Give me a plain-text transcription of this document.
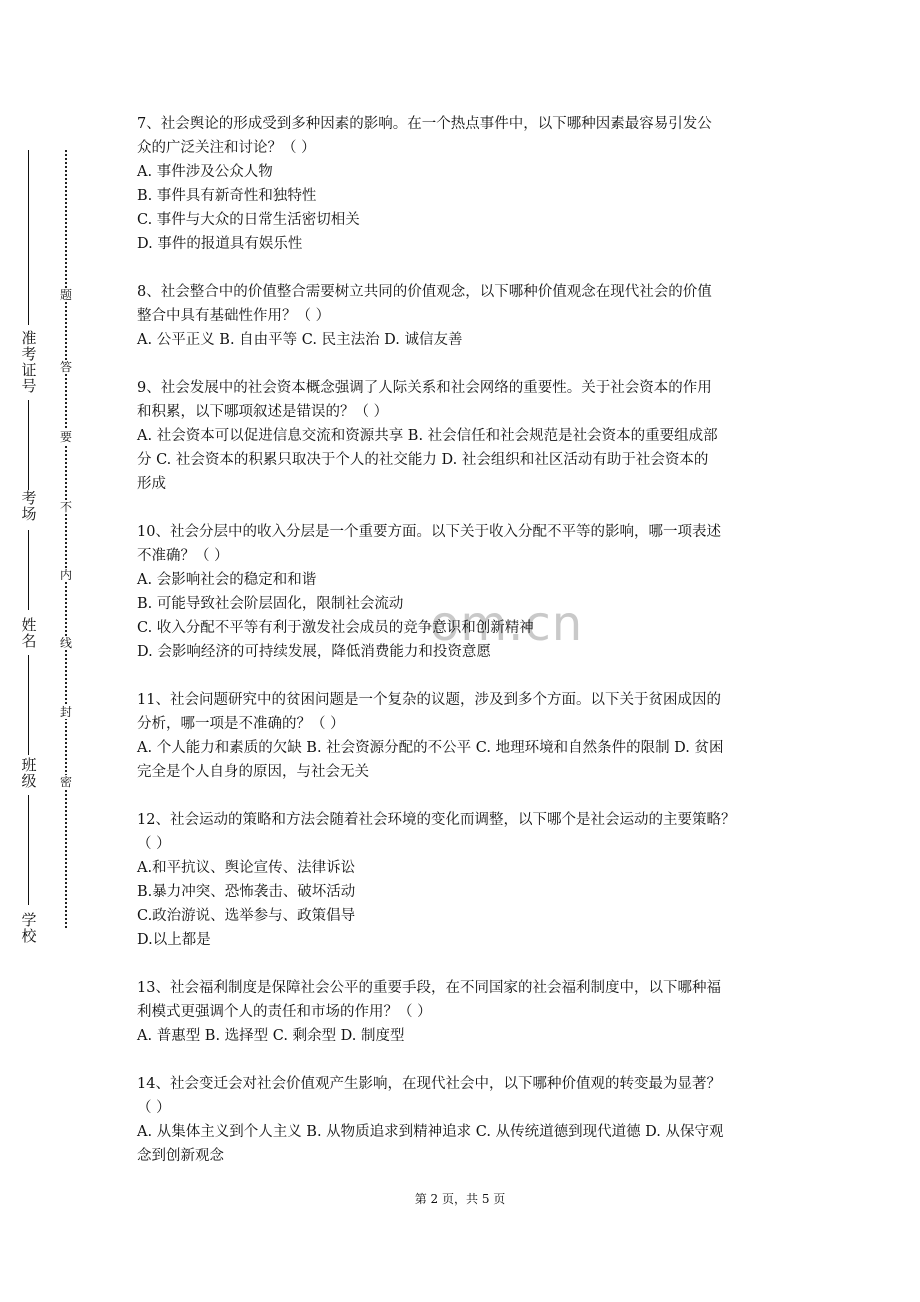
准考证号
考场
姓名
班级
学校
题
答
要
不
内
线
封
密
om.cn

7、社会舆论的形成受到多种因素的影响。在一个热点事件中，以下哪种因素最容易引发公

众的广泛关注和讨论？（ ）

A. 事件涉及公众人物

B. 事件具有新奇性和独特性

C. 事件与大众的日常生活密切相关

D. 事件的报道具有娱乐性

8、社会整合中的价值整合需要树立共同的价值观念，以下哪种价值观念在现代社会的价值

整合中具有基础性作用？（ ）

A. 公平正义 B. 自由平等 C. 民主法治 D. 诚信友善

9、社会发展中的社会资本概念强调了人际关系和社会网络的重要性。关于社会资本的作用

和积累，以下哪项叙述是错误的？（ ）

A. 社会资本可以促进信息交流和资源共享 B. 社会信任和社会规范是社会资本的重要组成部

分 C. 社会资本的积累只取决于个人的社交能力 D. 社会组织和社区活动有助于社会资本的

形成

10、社会分层中的收入分层是一个重要方面。以下关于收入分配不平等的影响，哪一项表述

不准确？（ ）

A. 会影响社会的稳定和和谐

B. 可能导致社会阶层固化，限制社会流动

C. 收入分配不平等有利于激发社会成员的竞争意识和创新精神

D. 会影响经济的可持续发展，降低消费能力和投资意愿

11、社会问题研究中的贫困问题是一个复杂的议题，涉及到多个方面。以下关于贫困成因的

分析，哪一项是不准确的？（ ）

A. 个人能力和素质的欠缺 B. 社会资源分配的不公平 C. 地理环境和自然条件的限制 D. 贫困

完全是个人自身的原因，与社会无关

12、社会运动的策略和方法会随着社会环境的变化而调整，以下哪个是社会运动的主要策略？

（ ）

A.和平抗议、舆论宣传、法律诉讼

B.暴力冲突、恐怖袭击、破坏活动

C.政治游说、选举参与、政策倡导

D.以上都是

13、社会福利制度是保障社会公平的重要手段，在不同国家的社会福利制度中，以下哪种福

利模式更强调个人的责任和市场的作用？（ ）

A. 普惠型 B. 选择型 C. 剩余型 D. 制度型

14、社会变迁会对社会价值观产生影响，在现代社会中，以下哪种价值观的转变最为显著？

（ ）

A. 从集体主义到个人主义 B. 从物质追求到精神追求 C. 从传统道德到现代道德 D. 从保守观

念到创新观念

第 2 页，共 5 页
